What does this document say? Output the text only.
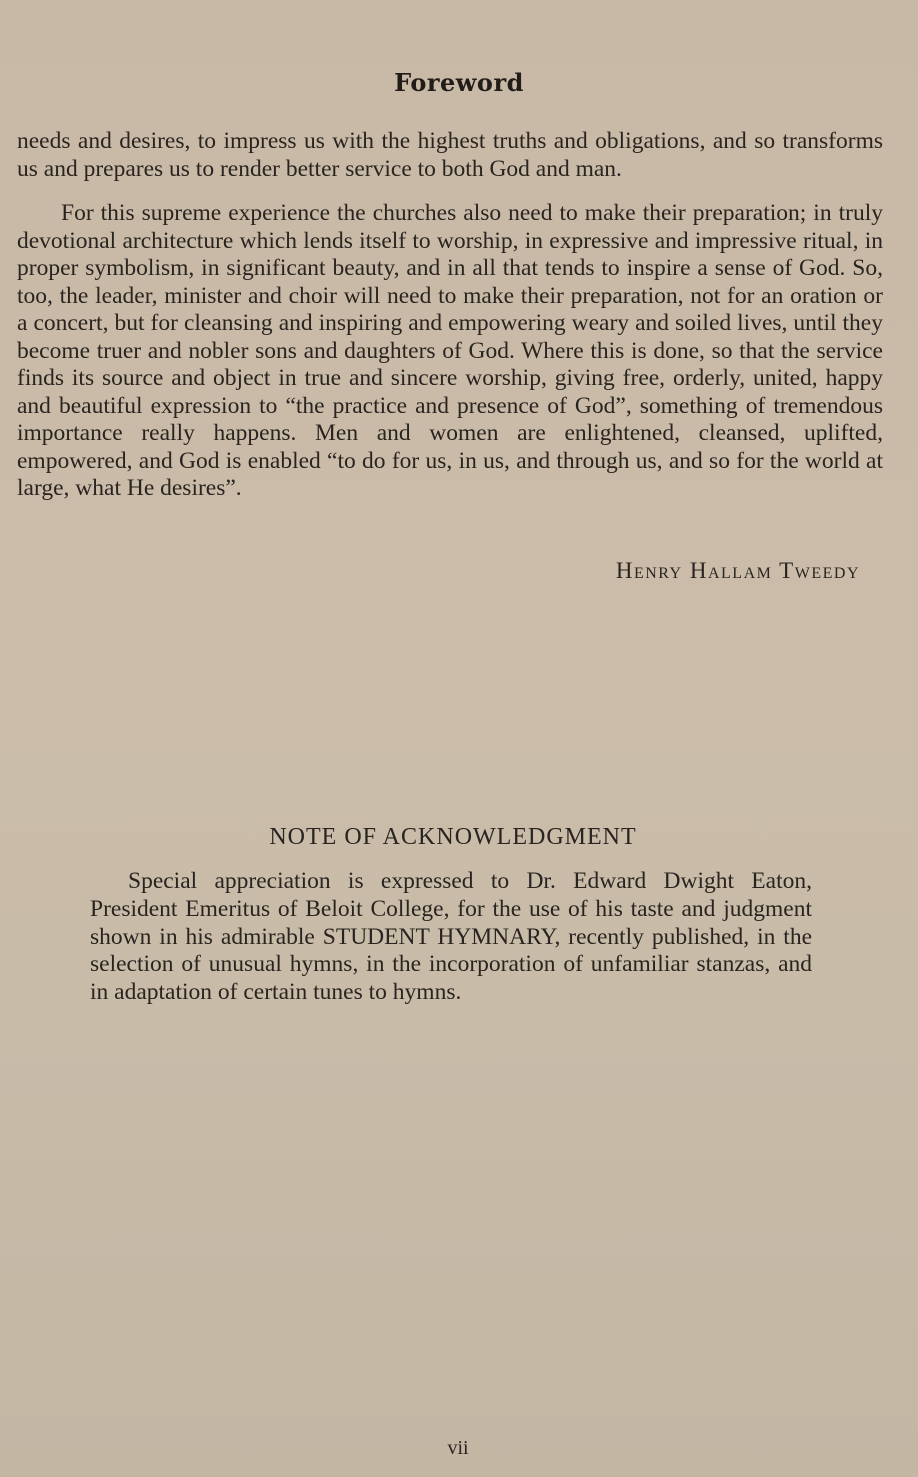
Foreword

needs and desires, to impress us with the highest truths and obligations, and so transforms us and prepares us to render better service to both God and man.

For this supreme experience the churches also need to make their preparation; in truly devotional architecture which lends itself to worship, in expressive and impressive ritual, in proper symbolism, in significant beauty, and in all that tends to inspire a sense of God. So, too, the leader, minister and choir will need to make their preparation, not for an oration or a concert, but for cleansing and inspiring and empowering weary and soiled lives, until they become truer and nobler sons and daughters of God. Where this is done, so that the service finds its source and object in true and sincere worship, giving free, orderly, united, happy and beautiful expression to “the practice and presence of God”, something of tremendous importance really happens. Men and women are enlightened, cleansed, uplifted, empowered, and God is enabled “to do for us, in us, and through us, and so for the world at large, what He desires”.

Henry Hallam Tweedy
NOTE OF ACKNOWLEDGMENT

Special appreciation is expressed to Dr. Edward Dwight Eaton, President Emeritus of Beloit College, for the use of his taste and judgment shown in his admirable STUDENT HYMNARY, recently published, in the selection of unusual hymns, in the incorporation of unfamiliar stanzas, and in adaptation of certain tunes to hymns.

vii
